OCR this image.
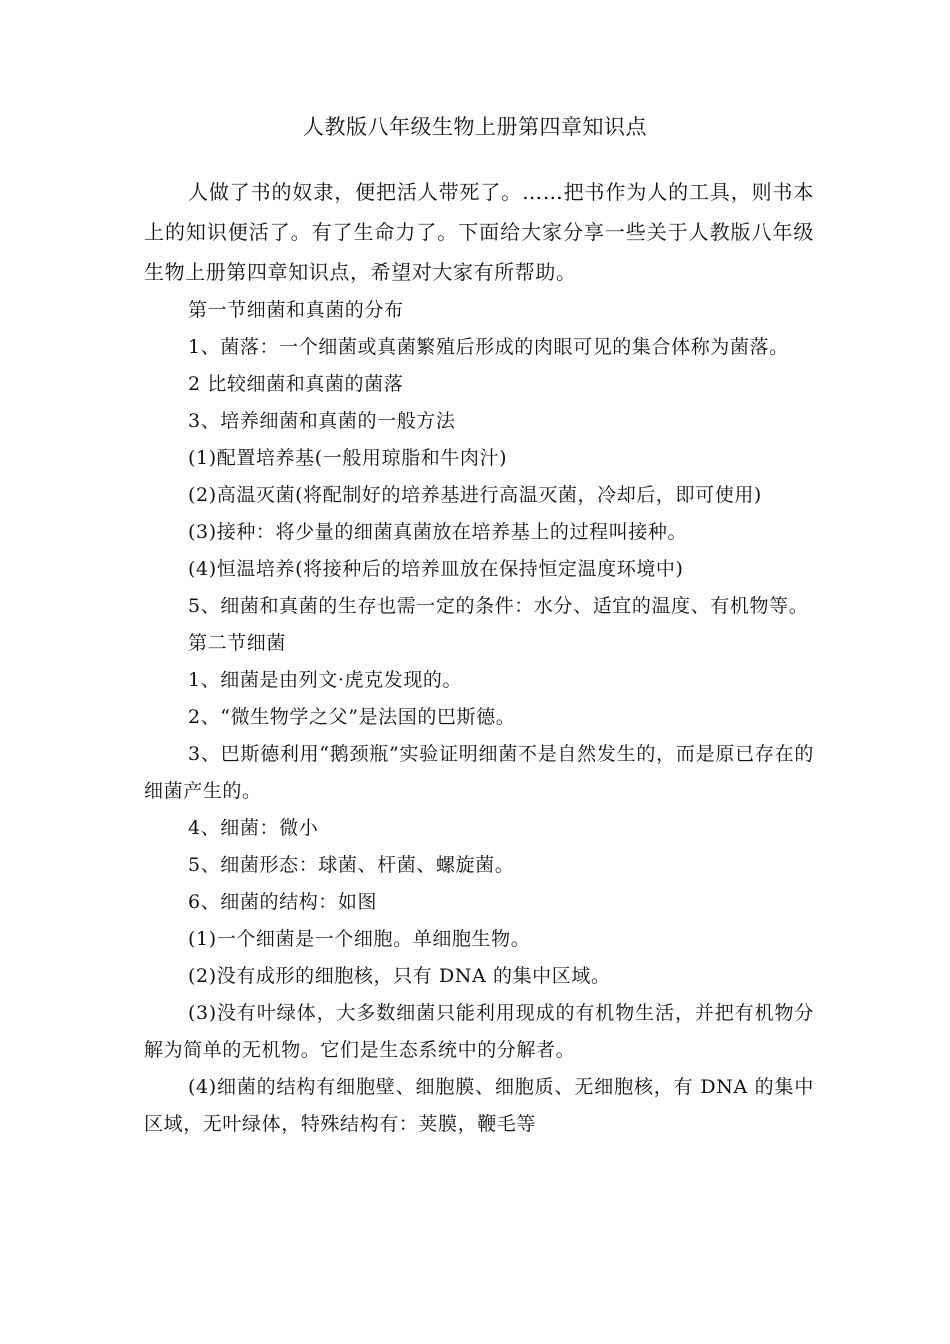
人教版八年级生物上册第四章知识点

人做了书的奴隶，便把活人带死了。……把书作为人的工具，则书本上的知识便活了。有了生命力了。下面给大家分享一些关于人教版八年级生物上册第四章知识点，希望对大家有所帮助。

第一节细菌和真菌的分布

1、菌落：一个细菌或真菌繁殖后形成的肉眼可见的集合体称为菌落。

2 比较细菌和真菌的菌落

3、培养细菌和真菌的一般方法

(1)配置培养基(一般用琼脂和牛肉汁)

(2)高温灭菌(将配制好的培养基进行高温灭菌，冷却后，即可使用)

(3)接种：将少量的细菌真菌放在培养基上的过程叫接种。

(4)恒温培养(将接种后的培养皿放在保持恒定温度环境中)

5、细菌和真菌的生存也需一定的条件：水分、适宜的温度、有机物等。

第二节细菌

1、细菌是由列文·虎克发现的。

2、“微生物学之父”是法国的巴斯德。

3、巴斯德利用“鹅颈瓶”实验证明细菌不是自然发生的，而是原已存在的细菌产生的。

4、细菌：微小

5、细菌形态：球菌、杆菌、螺旋菌。

6、细菌的结构：如图

(1)一个细菌是一个细胞。单细胞生物。

(2)没有成形的细胞核，只有 DNA 的集中区域。

(3)没有叶绿体，大多数细菌只能利用现成的有机物生活，并把有机物分解为简单的无机物。它们是生态系统中的分解者。

(4)细菌的结构有细胞壁、细胞膜、细胞质、无细胞核，有 DNA 的集中区域，无叶绿体，特殊结构有：荚膜，鞭毛等
